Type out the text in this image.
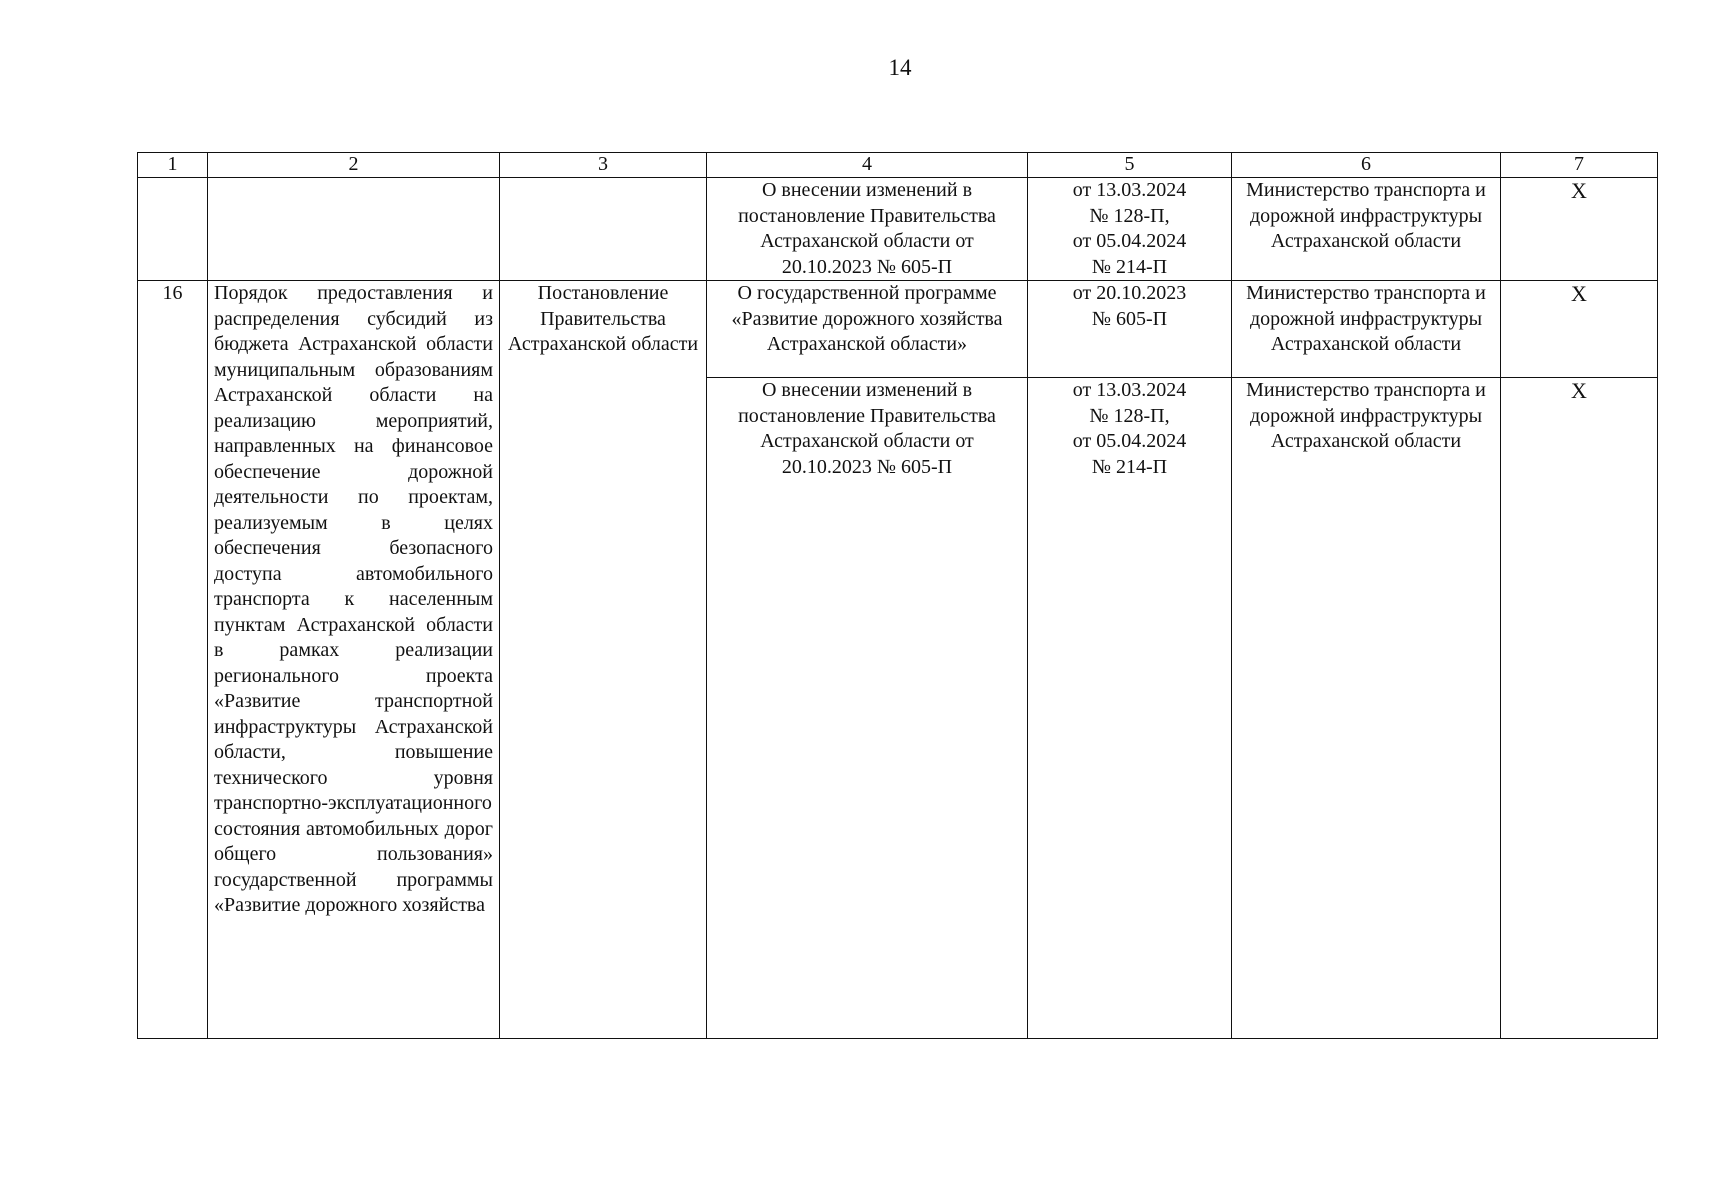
14
1	2	3	4	5	6	7
			О внесении изменений в постановление Правительства Астраханской области от 20.10.2023 № 605-П	от 13.03.2024
№ 128-П,
от 05.04.2024
№ 214-П	Министерство транспорта и дорожной инфраструктуры Астраханской области	Х
16	Порядок предоставления и распределения субсидий из бюджета Астраханской области муниципальным образованиям Астраханской области на реализацию мероприятий, направленных на финансовое обеспечение дорожной деятельности по проектам, реализуемым в целях обеспечения безопасного доступа автомобильного транспорта к населенным пунктам Астраханской области в рамках реализации регионального проекта «Развитие транспортной инфраструктуры Астраханской области, повышение технического уровня транспортно-эксплуатационного состояния автомобильных дорог общего пользования» государственной программы «Развитие дорожного хозяйства	Постановление Правительства Астраханской области	О государственной программе «Развитие дорожного хозяйства Астраханской области»	от 20.10.2023
№ 605-П	Министерство транспорта и дорожной инфраструктуры Астраханской области	Х
			О внесении изменений в постановление Правительства Астраханской области от 20.10.2023 № 605-П	от 13.03.2024
№ 128-П,
от 05.04.2024
№ 214-П	Министерство транспорта и дорожной инфраструктуры Астраханской области	Х
